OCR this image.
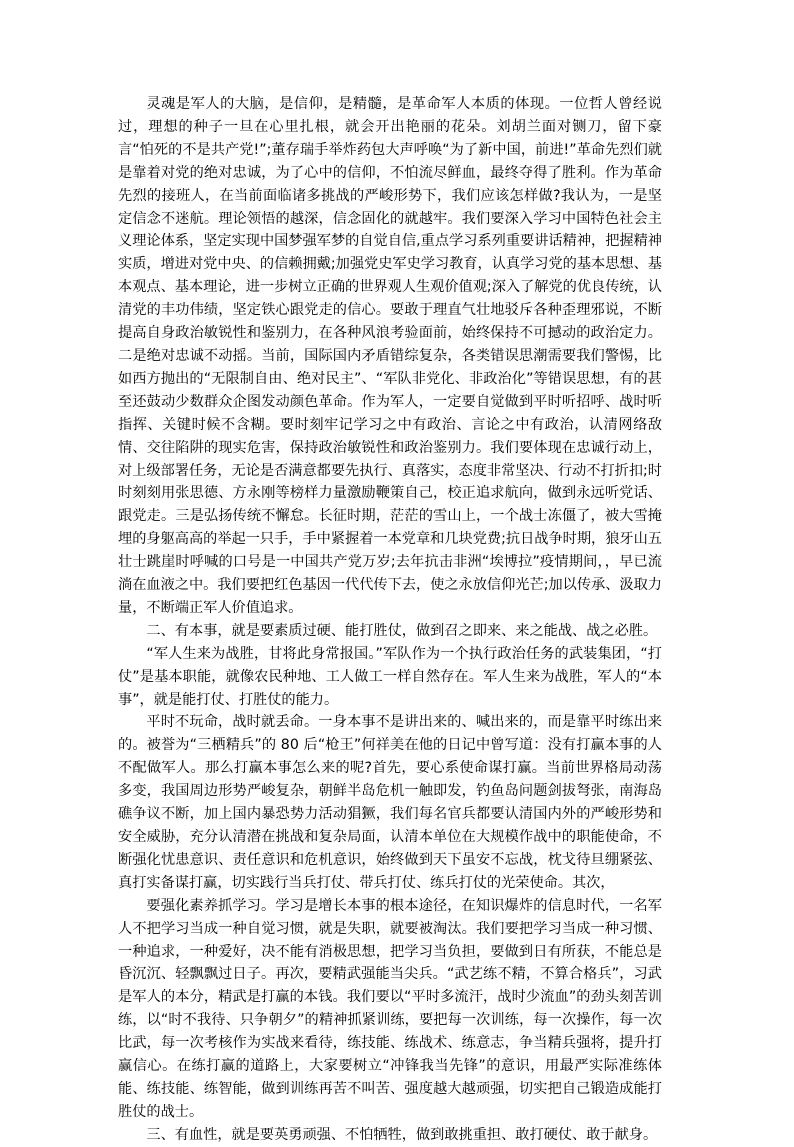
灵魂是军人的大脑，是信仰，是精髓，是革命军人本质的体现。一位哲人曾经说过，理想的种子一旦在心里扎根，就会开出艳丽的花朵。刘胡兰面对铡刀，留下豪言“怕死的不是共产党!”;董存瑞手举炸药包大声呼唤“为了新中国，前进!”革命先烈们就是靠着对党的绝对忠诚，为了心中的信仰，不怕流尽鲜血，最终夺得了胜利。作为革命先烈的接班人，在当前面临诸多挑战的严峻形势下，我们应该怎样做?我认为，一是坚定信念不迷航。理论领悟的越深，信念固化的就越牢。我们要深入学习中国特色社会主义理论体系，坚定实现中国梦强军梦的自觉自信,重点学习系列重要讲话精神，把握精神实质，增进对党中央、的信赖拥戴;加强党史军史学习教育，认真学习党的基本思想、基本观点、基本理论，进一步树立正确的世界观人生观价值观;深入了解党的优良传统，认清党的丰功伟绩，坚定铁心跟党走的信心。要敢于理直气壮地驳斥各种歪理邪说，不断提高自身政治敏锐性和鉴别力，在各种风浪考验面前，始终保持不可撼动的政治定力。二是绝对忠诚不动摇。当前，国际国内矛盾错综复杂，各类错误思潮需要我们警惕，比如西方抛出的“无限制自由、绝对民主”、“军队非党化、非政治化”等错误思想，有的甚至还鼓动少数群众企图发动颜色革命。作为军人，一定要自觉做到平时听招呼、战时听指挥、关键时候不含糊。要时刻牢记学习之中有政治、言论之中有政治，认清网络敌情、交往陷阱的现实危害，保持政治敏锐性和政治鉴别力。我们要体现在忠诚行动上，对上级部署任务，无论是否满意都要先执行、真落实，态度非常坚决、行动不打折扣;时时刻刻用张思德、方永刚等榜样力量激励鞭策自己，校正追求航向，做到永远听党话、跟党走。三是弘扬传统不懈怠。长征时期，茫茫的雪山上，一个战士冻僵了，被大雪掩埋的身躯高高的举起一只手，手中紧握着一本党章和几块党费;抗日战争时期，狼牙山五壮士跳崖时呼喊的口号是一中国共产党万岁;去年抗击非洲“埃博拉”疫情期间，，早已流淌在血液之中。我们要把红色基因一代代传下去，使之永放信仰光芒;加以传承、汲取力量，不断端正军人价值追求。

二、有本事，就是要素质过硬、能打胜仗，做到召之即来、来之能战、战之必胜。

“军人生来为战胜，甘将此身常报国。”军队作为一个执行政治任务的武装集团，“打仗”是基本职能，就像农民种地、工人做工一样自然存在。军人生来为战胜，军人的“本事”，就是能打仗、打胜仗的能力。

平时不玩命，战时就丢命。一身本事不是讲出来的、喊出来的，而是靠平时练出来的。被誉为“三栖精兵”的 80 后“枪王”何祥美在他的日记中曾写道：没有打赢本事的人不配做军人。那么打赢本事怎么来的呢?首先，要心系使命谋打赢。当前世界格局动荡多变，我国周边形势严峻复杂，朝鲜半岛危机一触即发，钓鱼岛问题剑拔弩张，南海岛礁争议不断，加上国内暴恐势力活动猖獗，我们每名官兵都要认清国内外的严峻形势和安全威胁，充分认清潜在挑战和复杂局面，认清本单位在大规模作战中的职能使命，不断强化忧患意识、责任意识和危机意识，始终做到天下虽安不忘战，枕戈待旦绷紧弦、真打实备谋打赢，切实践行当兵打仗、带兵打仗、练兵打仗的光荣使命。其次，

要强化素养抓学习。学习是增长本事的根本途径，在知识爆炸的信息时代，一名军人不把学习当成一种自觉习惯，就是失职，就要被淘汰。我们要把学习当成一种习惯、一种追求，一种爱好，决不能有消极思想，把学习当负担，要做到日有所获，不能总是昏沉沉、轻飘飘过日子。再次，要精武强能当尖兵。“武艺练不精，不算合格兵”，习武是军人的本分，精武是打赢的本钱。我们要以“平时多流汗，战时少流血”的劲头刻苦训练，以“时不我待、只争朝夕”的精神抓紧训练，要把每一次训练，每一次操作，每一次比武，每一次考核作为实战来看待，练技能、练战术、练意志，争当精兵强将，提升打赢信心。在练打赢的道路上，大家要树立“冲锋我当先锋”的意识，用最严实际准练体能、练技能、练智能，做到训练再苦不叫苦、强度越大越顽强，切实把自己锻造成能打胜仗的战士。

三、有血性，就是要英勇顽强、不怕牺牲，做到敢挑重担、敢打硬仗、敢于献身。
